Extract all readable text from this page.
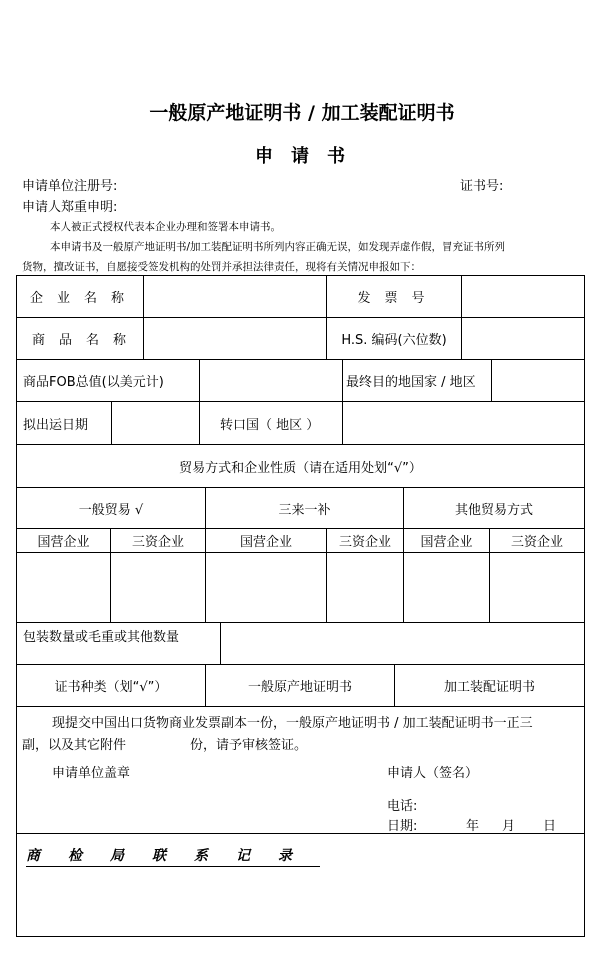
一般原产地证明书 / 加工装配证明书
申请书
申请单位注册号:	证书号:
申请人郑重申明:
本人被正式授权代表本企业办理和签署本申请书。
本申请书及一般原产地证明书/加工装配证明书所列内容正确无误，如发现弄虚作假，冒充证书所列
货物，擅改证书，自愿接受签发机构的处罚并承担法律责任，现将有关情况申报如下：
企业名称	发票号
商品名称	H.S. 编码(六位数)
商品FOB总值(以美元计)	最终目的地国家 / 地区
拟出运日期	转口国（ 地区 ）
贸易方式和企业性质（请在适用处划“√”）
一般贸易 √	三来一补	其他贸易方式
国营企业	三资企业	国营企业	三资企业	国营企业	三资企业
包装数量或毛重或其他数量
证书种类（划“√”）	一般原产地证明书	加工装配证明书
现提交中国出口货物商业发票副本一份，一般原产地证明书 / 加工装配证明书一正三
副，以及其它附件	份，请予审核签证。
申请单位盖章	申请人（签名）
电话:
日期:	年 月 日
商检局联系记录
